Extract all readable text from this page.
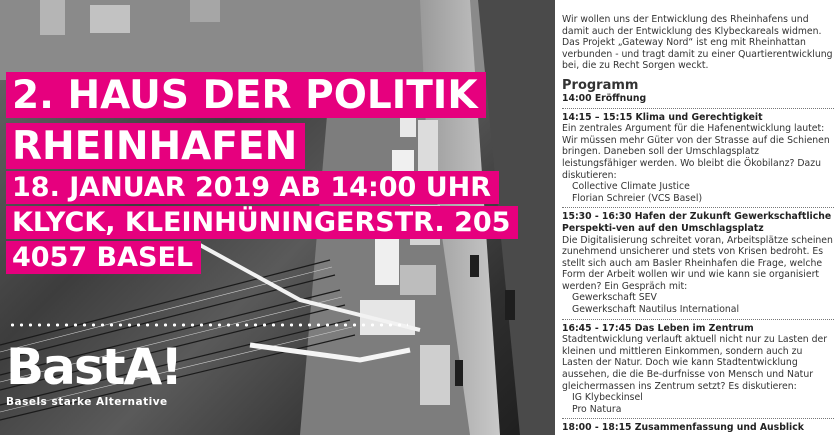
2. HAUS DER POLITIK
RHEINHAFEN
18. JANUAR 2019 AB 14:00 UHR
KLYCK, KLEINHÜNINGERSTR. 205
4057 BASEL
BastA!
Basels starke Alternative

Wir wollen uns der Entwicklung des Rheinhafens und damit auch der Entwicklung des Klybeckareals widmen. Das Projekt „Gateway Nord“ ist eng mit Rheinhattan verbunden - und tragt damit zu einer Quartierentwicklung bei, die zu Recht Sorgen weckt.

Programm

14:00 Eröffnung

14:15 – 15:15 Klima und Gerechtigkeit

Ein zentrales Argument für die Hafenentwicklung lautet: Wir müssen mehr Güter von der Strasse auf die Schienen bringen. Daneben soll der Umschlagsplatz leistungsfähiger werden. Wo bleibt die Ökobilanz? Dazu diskutieren:

Collective Climate Justice

Florian Schreier (VCS Basel)

15:30 - 16:30 Hafen der Zukunft Gewerkschaftliche Perspekti-ven auf den Umschlagsplatz

Die Digitalisierung schreitet voran, Arbeitsplätze scheinen zunehmend unsicherer und stets von Krisen bedroht. Es stellt sich auch am Basler Rheinhafen die Frage, welche Form der Arbeit wollen wir und wie kann sie organisiert werden? Ein Gespräch mit:

Gewerkschaft SEV

Gewerkschaft Nautilus International

16:45 - 17:45 Das Leben im Zentrum

Stadtentwicklung verlauft aktuell nicht nur zu Lasten der kleinen und mittleren Einkommen, sondern auch zu Lasten der Natur. Doch wie kann Stadtentwicklung aussehen, die die Be-durfnisse von Mensch und Natur gleichermassen ins Zentrum setzt? Es diskutieren:

IG Klybeckinsel

Pro Natura

18:00 - 18:15 Zusammenfassung und Ausblick
